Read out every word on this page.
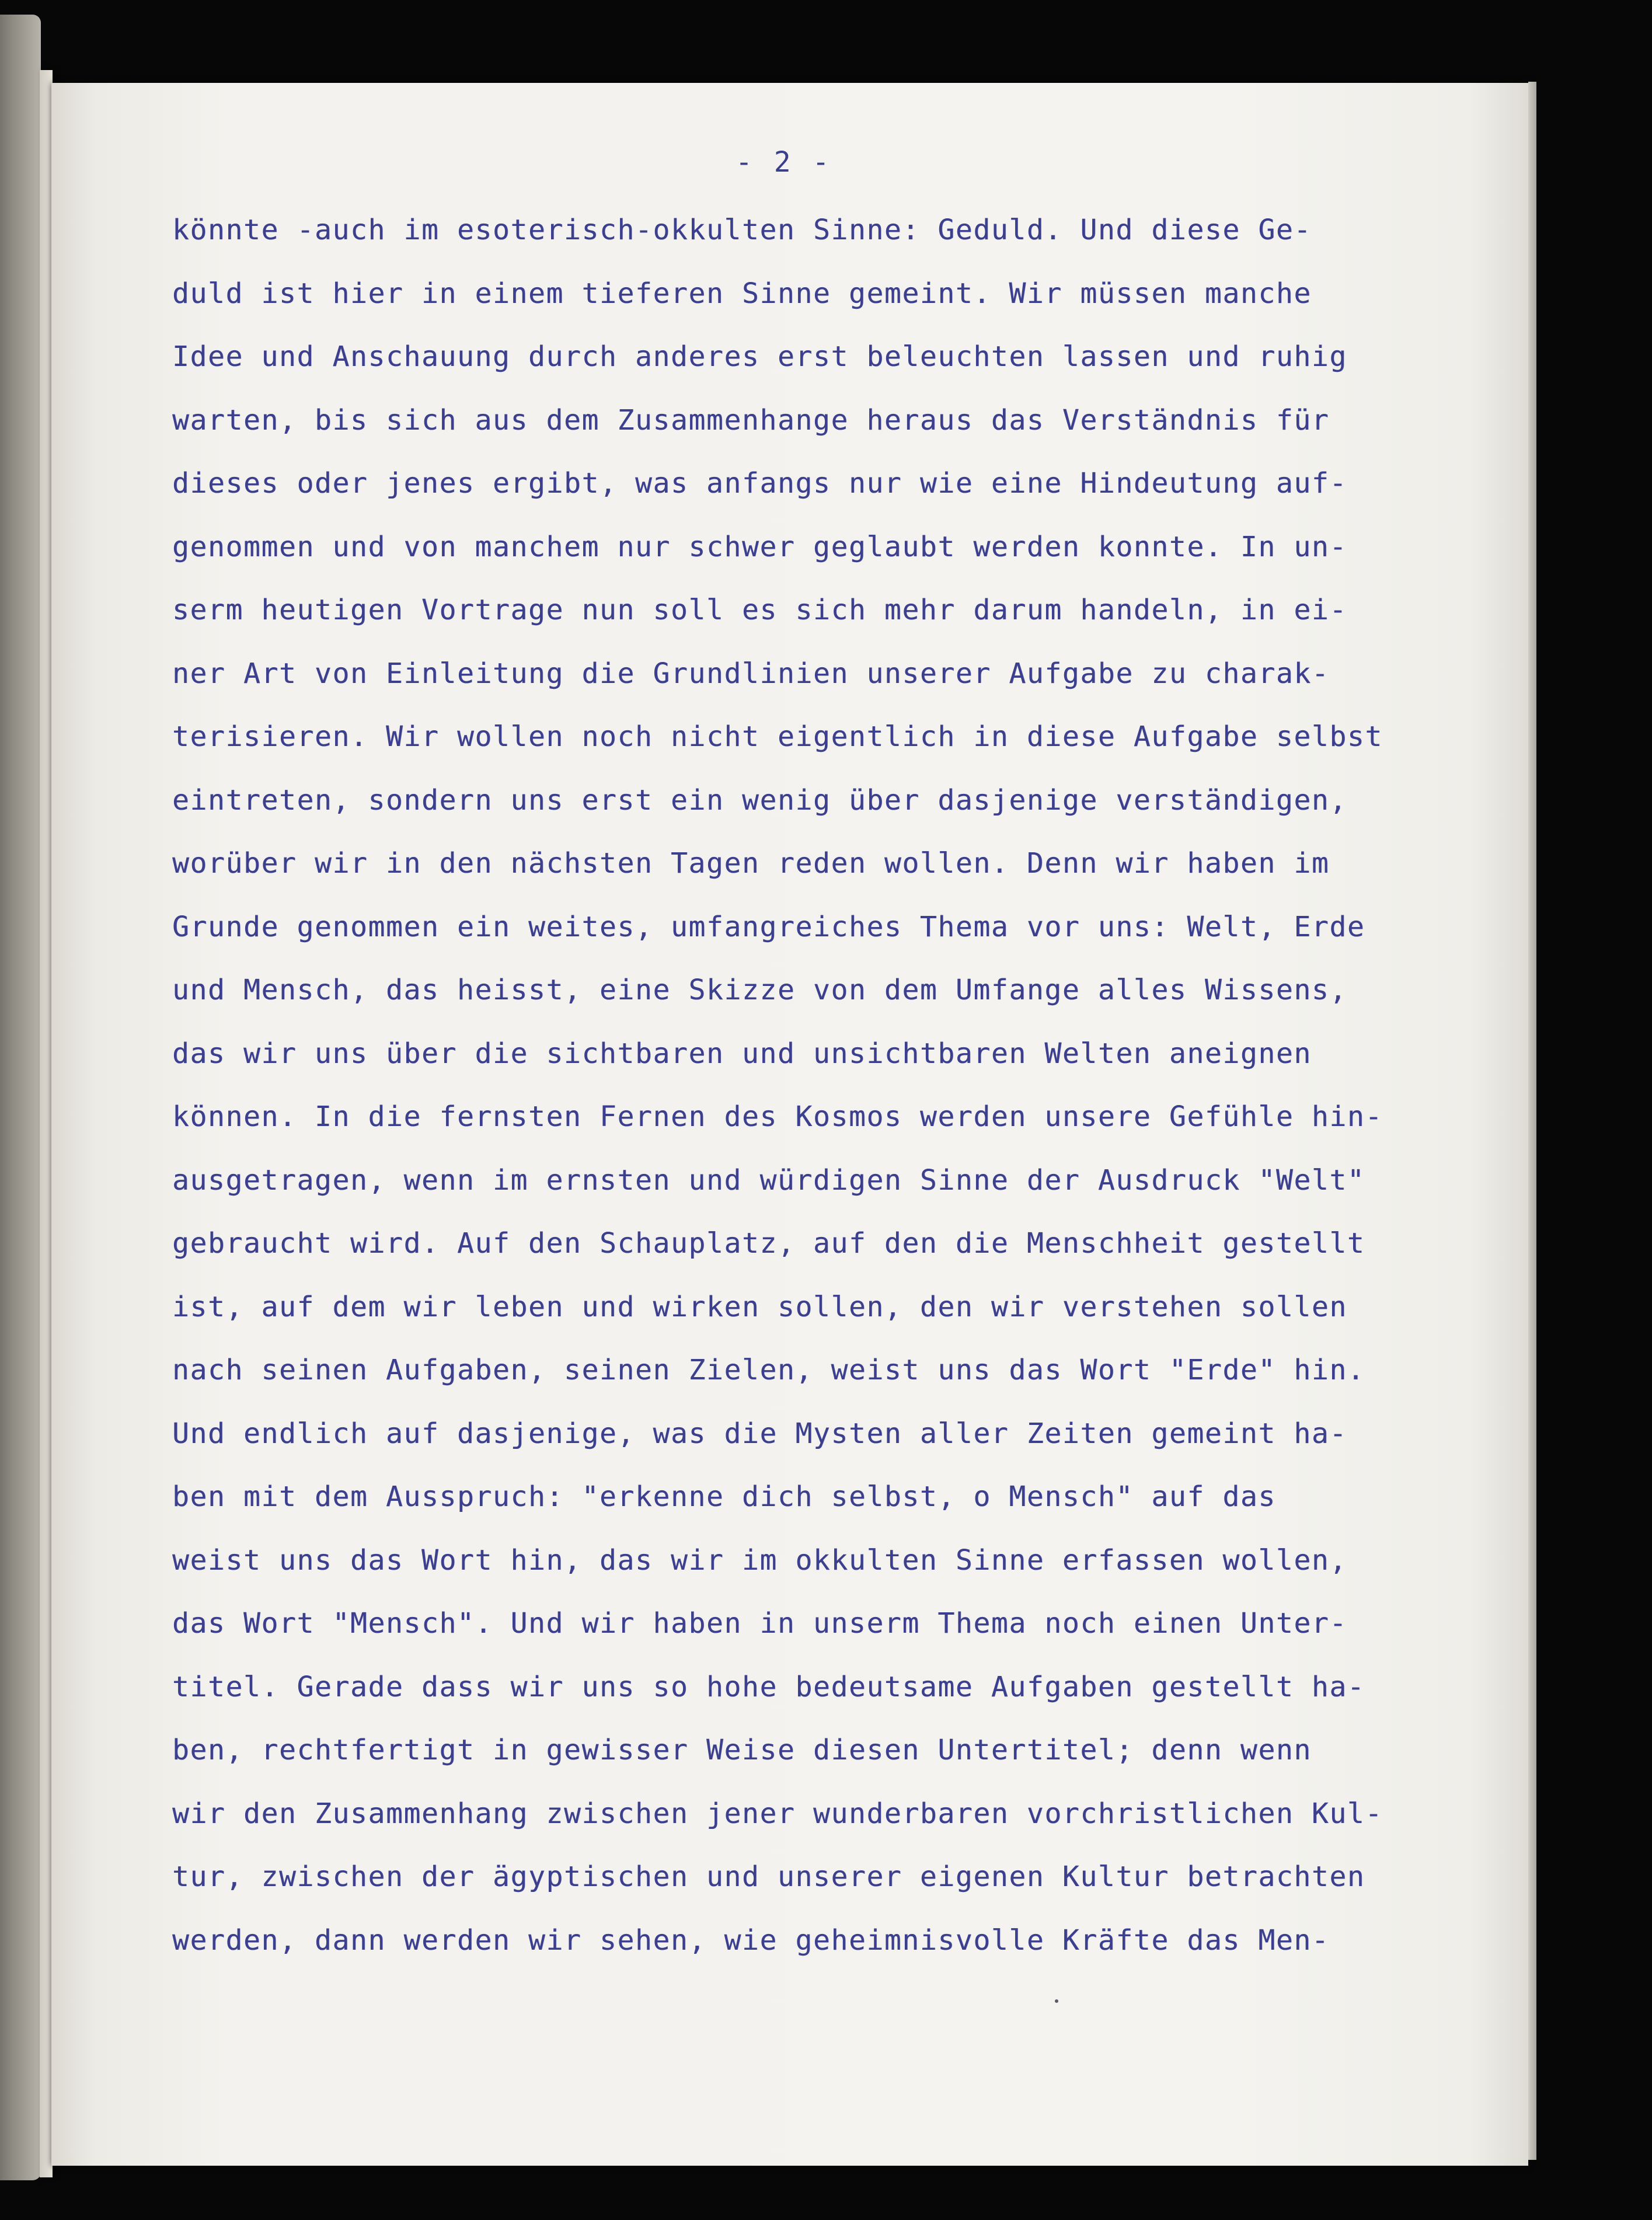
- 2 -
könnte -auch im esoterisch-okkulten Sinne: Geduld. Und diese Ge-
duld ist hier in einem tieferen Sinne gemeint. Wir müssen manche
Idee und Anschauung durch anderes erst beleuchten lassen und ruhig
warten, bis sich aus dem Zusammenhange heraus das Verständnis für
dieses oder jenes ergibt, was anfangs nur wie eine Hindeutung auf-
genommen und von manchem nur schwer geglaubt werden konnte. In un-
serm heutigen Vortrage nun soll es sich mehr darum handeln, in ei-
ner Art von Einleitung die Grundlinien unserer Aufgabe zu charak-
terisieren. Wir wollen noch nicht eigentlich in diese Aufgabe selbst
eintreten, sondern uns erst ein wenig über dasjenige verständigen,
worüber wir in den nächsten Tagen reden wollen. Denn wir haben im
Grunde genommen ein weites, umfangreiches Thema vor uns: Welt, Erde
und Mensch, das heisst, eine Skizze von dem Umfange alles Wissens,
das wir uns über die sichtbaren und unsichtbaren Welten aneignen
können. In die fernsten Fernen des Kosmos werden unsere Gefühle hin-
ausgetragen, wenn im ernsten und würdigen Sinne der Ausdruck "Welt"
gebraucht wird. Auf den Schauplatz, auf den die Menschheit gestellt
ist, auf dem wir leben und wirken sollen, den wir verstehen sollen
nach seinen Aufgaben, seinen Zielen, weist uns das Wort "Erde" hin.
Und endlich auf dasjenige, was die Mysten aller Zeiten gemeint ha-
ben mit dem Ausspruch: "erkenne dich selbst, o Mensch" auf das
weist uns das Wort hin, das wir im okkulten Sinne erfassen wollen,
das Wort "Mensch". Und wir haben in unserm Thema noch einen Unter-
titel. Gerade dass wir uns so hohe bedeutsame Aufgaben gestellt ha-
ben, rechtfertigt in gewisser Weise diesen Untertitel; denn wenn
wir den Zusammenhang zwischen jener wunderbaren vorchristlichen Kul-
tur, zwischen der ägyptischen und unserer eigenen Kultur betrachten
werden, dann werden wir sehen, wie geheimnisvolle Kräfte das Men-
